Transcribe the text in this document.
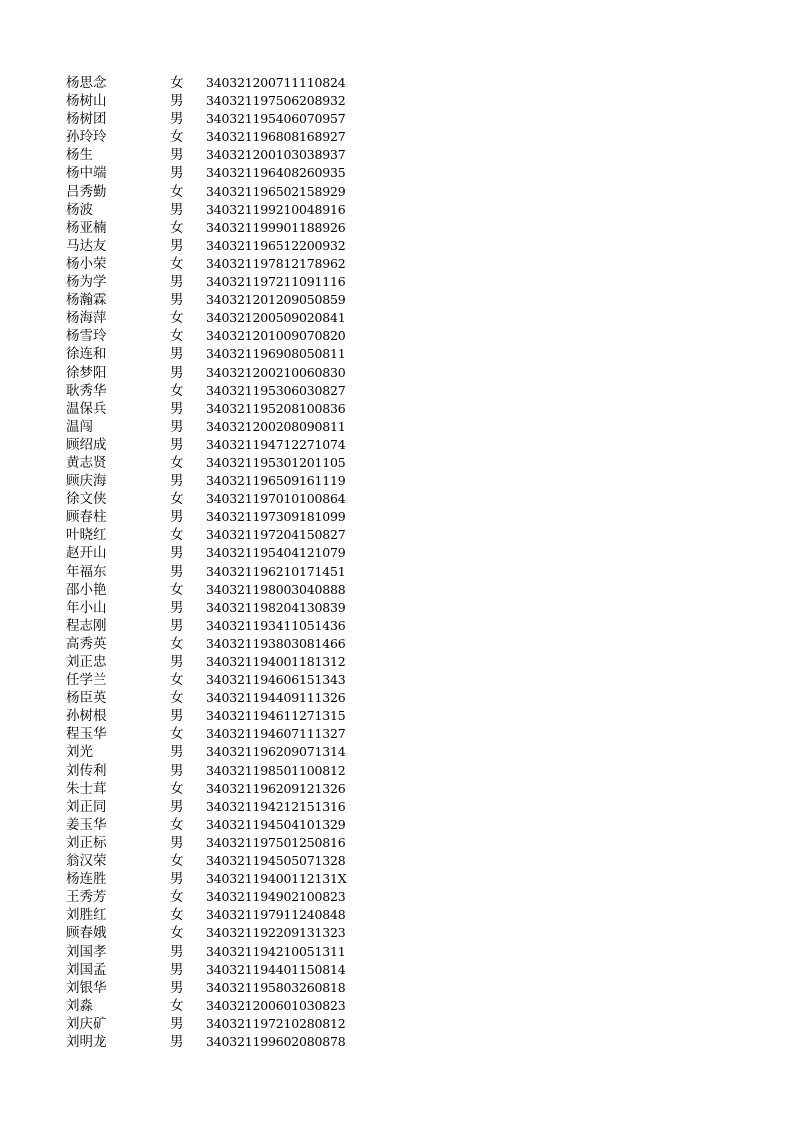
杨思念	女	340321200711110824
杨树山	男	340321197506208932
杨树团	男	340321195406070957
孙玲玲	女	340321196808168927
杨生	男	340321200103038937
杨中端	男	340321196408260935
吕秀勤	女	340321196502158929
杨波	男	340321199210048916
杨亚楠	女	340321199901188926
马达友	男	340321196512200932
杨小荣	女	340321197812178962
杨为学	男	340321197211091116
杨瀚霖	男	340321201209050859
杨海萍	女	340321200509020841
杨雪玲	女	340321201009070820
徐连和	男	340321196908050811
徐梦阳	男	340321200210060830
耿秀华	女	340321195306030827
温保兵	男	340321195208100836
温闯	男	340321200208090811
顾绍成	男	340321194712271074
黄志贤	女	340321195301201105
顾庆海	男	340321196509161119
徐文侠	女	340321197010100864
顾春柱	男	340321197309181099
叶晓红	女	340321197204150827
赵开山	男	340321195404121079
年福东	男	340321196210171451
邵小艳	女	340321198003040888
年小山	男	340321198204130839
程志刚	男	340321193411051436
高秀英	女	340321193803081466
刘正忠	男	340321194001181312
任学兰	女	340321194606151343
杨臣英	女	340321194409111326
孙树根	男	340321194611271315
程玉华	女	340321194607111327
刘光	男	340321196209071314
刘传利	男	340321198501100812
朱士茸	女	340321196209121326
刘正同	男	340321194212151316
姜玉华	女	340321194504101329
刘正标	男	340321197501250816
翁汉荣	女	340321194505071328
杨连胜	男	34032119400112131X
王秀芳	女	340321194902100823
刘胜红	女	340321197911240848
顾春娥	女	340321192209131323
刘国孝	男	340321194210051311
刘国孟	男	340321194401150814
刘银华	男	340321195803260818
刘淼	女	340321200601030823
刘庆矿	男	340321197210280812
刘明龙	男	340321199602080878
